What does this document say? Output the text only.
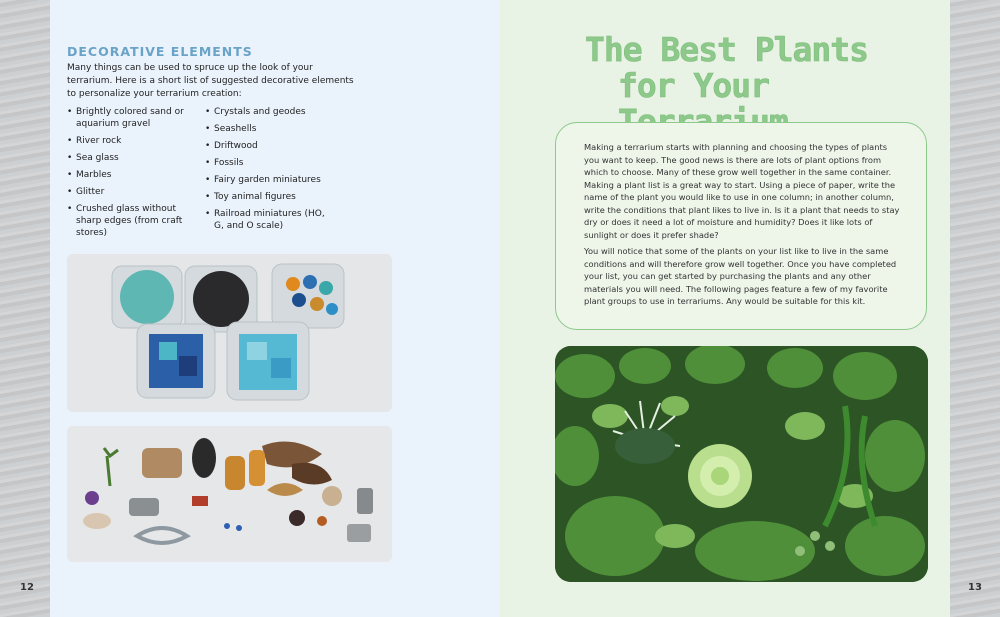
12	13
DECORATIVE ELEMENTS
Many things can be used to spruce up the look of your terrarium. Here is a short list of suggested decorative elements to personalize your terrarium creation:
• Brightly colored sand or aquarium gravel
• River rock
• Sea glass
• Marbles
• Glitter
• Crushed glass without sharp edges (from craft stores)
• Crystals and geodes
• Seashells
• Driftwood
• Fossils
• Fairy garden miniatures
• Toy animal figures
• Railroad miniatures (HO, G, and O scale)
The Best Plants
for Your

Making a terrarium starts with planning and choosing the types of plants you want to keep. The good news is there are lots of plant options from which to choose. Many of these grow well together in the same container. Making a plant list is a great way to start. Using a piece of paper, write the name of the plant you would like to use in one column; in another column, write the conditions that plant likes to live in. Is it a plant that needs to stay dry or does it need a lot of moisture and humidity? Does it like lots of sunlight or does it prefer shade?

You will notice that some of the plants on your list like to live in the same conditions and will therefore grow well together. Once you have completed your list, you can get started by purchasing the plants and any other materials you will need. The following pages feature a few of my favorite plant groups to use in terrariums. Any would be suitable for this kit.
